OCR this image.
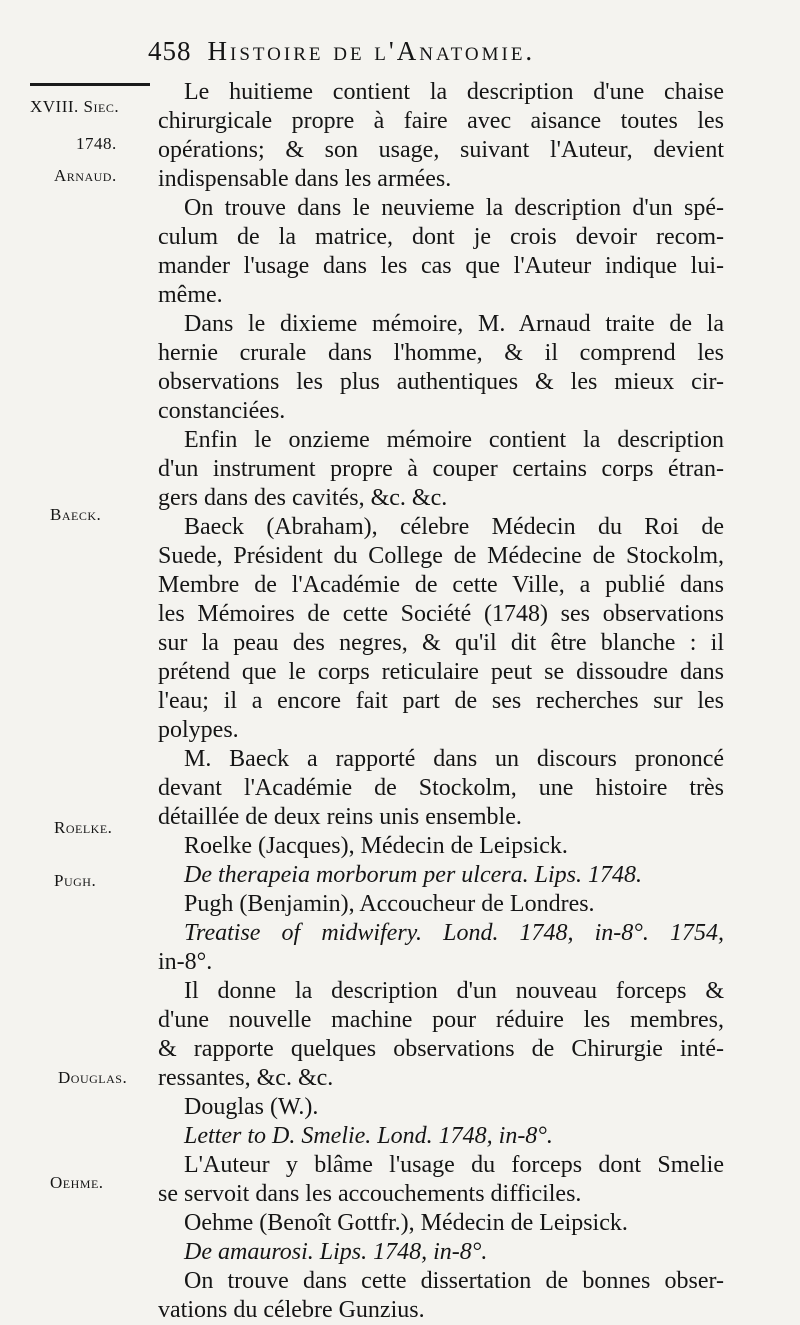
458 Histoire de l'Anatomie.
XVIII. Siec.
1748.
Arnaud.
Baeck.
Roelke.
Pugh.
Douglas.
Oehme.
Le huitieme contient la description d'une chaise
chirurgicale propre à faire avec aisance toutes les
opérations; & son usage, suivant l'Auteur, devient
indispensable dans les armées.
On trouve dans le neuvieme la description d'un spé-
culum de la matrice, dont je crois devoir recom-
mander l'usage dans les cas que l'Auteur indique lui-
même.
Dans le dixieme mémoire, M. Arnaud traite de la
hernie crurale dans l'homme, & il comprend les
observations les plus authentiques & les mieux cir-
constanciées.
Enfin le onzieme mémoire contient la description
d'un instrument propre à couper certains corps étran-
gers dans des cavités, &c. &c.
Baeck (Abraham), célebre Médecin du Roi de
Suede, Président du College de Médecine de Stockolm,
Membre de l'Académie de cette Ville, a publié dans
les Mémoires de cette Société (1748) ses observations
sur la peau des negres, & qu'il dit être blanche : il
prétend que le corps reticulaire peut se dissoudre dans
l'eau; il a encore fait part de ses recherches sur les
polypes.
M. Baeck a rapporté dans un discours prononcé
devant l'Académie de Stockolm, une histoire très
détaillée de deux reins unis ensemble.
Roelke (Jacques), Médecin de Leipsick.
De therapeia morborum per ulcera. Lips. 1748.
Pugh (Benjamin), Accoucheur de Londres.
Treatise of midwifery. Lond. 1748, in-8°. 1754,
in-8°.
Il donne la description d'un nouveau forceps &
d'une nouvelle machine pour réduire les membres,
& rapporte quelques observations de Chirurgie inté-
ressantes, &c. &c.
Douglas (W.).
Letter to D. Smelie. Lond. 1748, in-8°.
L'Auteur y blâme l'usage du forceps dont Smelie
se servoit dans les accouchements difficiles.
Oehme (Benoît Gottfr.), Médecin de Leipsick.
De amaurosi. Lips. 1748, in-8°.
On trouve dans cette dissertation de bonnes obser-
vations du célebre Gunzius.
